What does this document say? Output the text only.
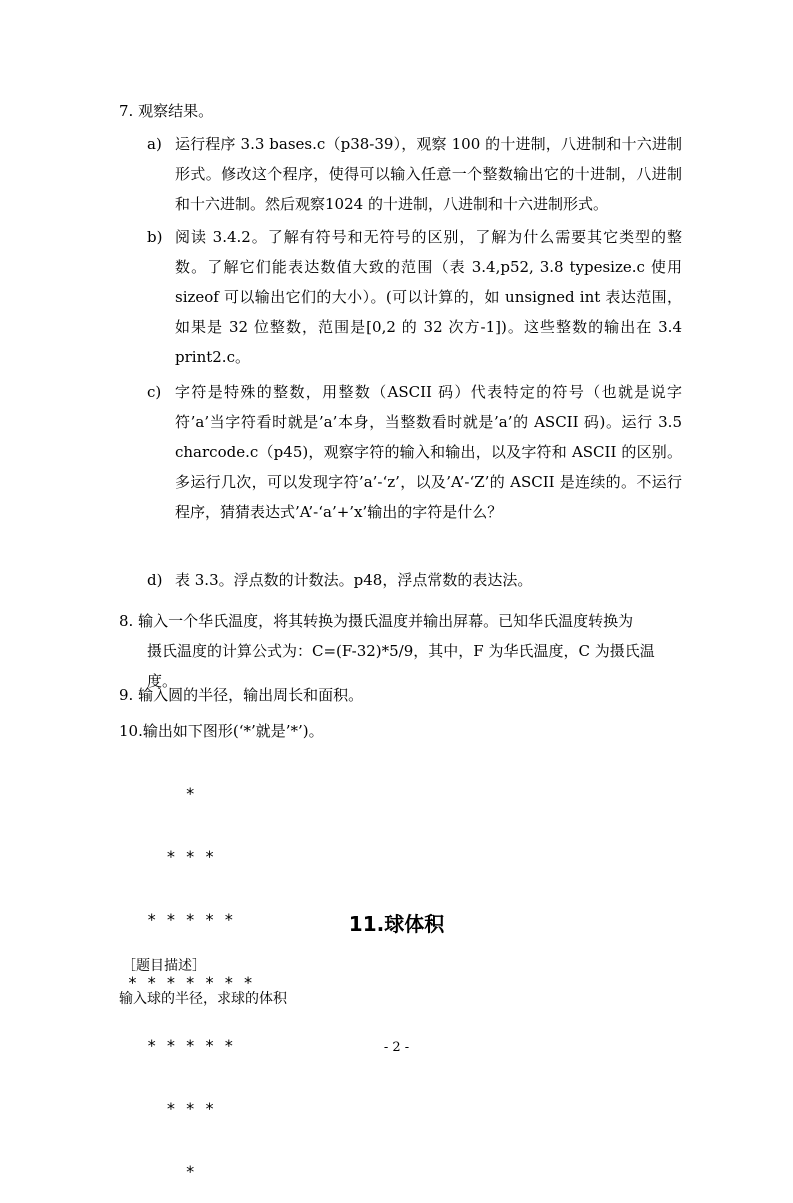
7. 观察结果。
a) 运行程序 3.3 bases.c（p38-39），观察 100 的十进制，八进制和十六进制形式。修改这个程序，使得可以输入任意一个整数输出它的十进制，八进制和十六进制。然后观察1024 的十进制，八进制和十六进制形式。
b) 阅读 3.4.2。了解有符号和无符号的区别，了解为什么需要其它类型的整数。了解它们能表达数值大致的范围（表 3.4,p52, 3.8 typesize.c 使用 sizeof 可以输出它们的大小）。(可以计算的，如 unsigned int 表达范围，如果是 32 位整数，范围是[0,2 的 32 次方-1])。这些整数的输出在 3.4 print2.c。
c) 字符是特殊的整数，用整数（ASCII 码）代表特定的符号（也就是说字符’a’当字符看时就是’a’本身，当整数看时就是’a’的 ASCII 码)。运行 3.5 charcode.c（p45)，观察字符的输入和输出，以及字符和 ASCII 的区别。多运行几次，可以发现字符’a’-‘z’，以及’A’-‘Z’的 ASCII 是连续的。不运行程序，猜猜表达式’A’-‘a’+’x’输出的字符是什么？
d) 表 3.3。浮点数的计数法。p48，浮点常数的表达法。
8. 输入一个华氏温度，将其转换为摄氏温度并输出屏幕。已知华氏温度转换为
摄氏温度的计算公式为：C=(F-32)*5/9，其中，F 为华氏温度，C 为摄氏温度。
9. 输入圆的半径，输出周长和面积。
10.输出如下图形(‘*’就是’*’)。

*

* * *

* * * * *

* * * * * * *

* * * * *

* * *

*

11.球体积
［题目描述］
输入球的半径，求球的体积
- 2 -
